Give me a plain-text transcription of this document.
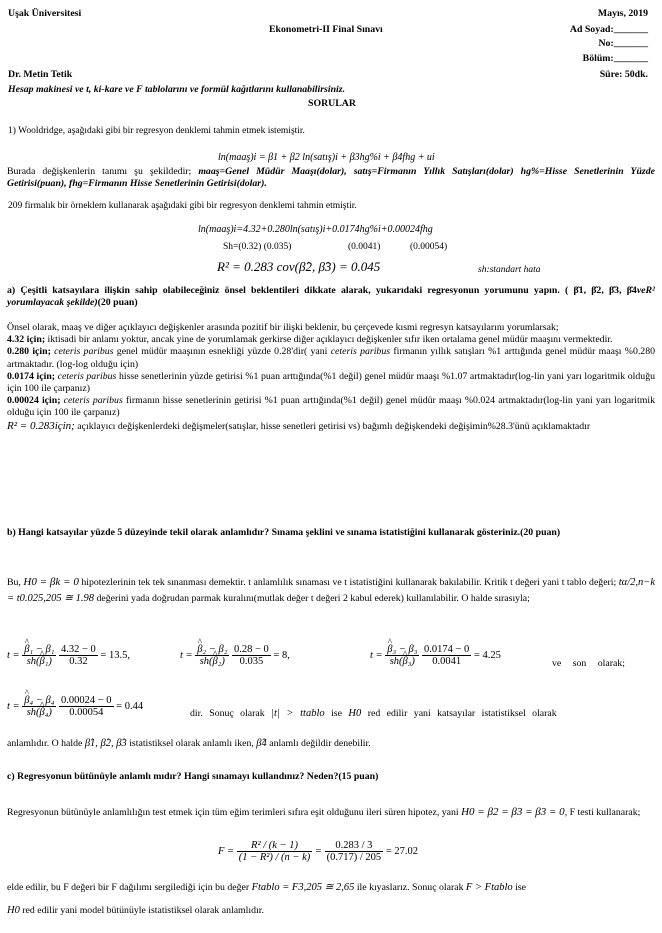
Uşak Üniversitesi	Mayıs, 2019
Ekonometri-II Final Sınavı	Ad Soyad:_______
No:_______
Bölüm:_______
Dr. Metin Tetik	Süre: 50dk.
Hesap makinesi ve t, ki-kare ve F tablolarını ve formül kağıtlarını kullanabilirsiniz.
SORULAR
1) Wooldridge, aşağıdaki gibi bir regresyon denklemi tahmin etmek istemiştir.
ln(maaş)i = β1 + β2 ln(satış)i + β3hg%i + β4fhg + ui

Burada değişkenlerin tanımı şu şekildedir; maaş=Genel Müdür Maaşı(dolar), satış=Firmanın Yıllık Satışları(dolar) hg%=Hisse Senetlerinin Yüzde Getirisi(puan), fhg=Firmanın Hisse Senetlerinin Getirisi(dolar).

209 firmalık bir örneklem kullanarak aşağıdaki gibi bir regresyon denklemi tahmin etmiştir.
ln(maaş)i=4.32+0.280ln(satış)i+0.0174hg%i+0.00024fhg
Sh=(0.32) (0.035)	(0.0041)	(0.00054)
R² = 0.283 cov(β̂2, β̂3) = 0.045	sh:standart hata

a) Çeşitli katsayılara ilişkin sahip olabileceğiniz önsel beklentileri dikkate alarak, yukarıdaki regresyonun yorumunu yapın. ( β̂1, β̂2, β̂3, β̂4veR² yorumlayacak şekilde)(20 puan)

Önsel olarak, maaş ve diğer açıklayıcı değişkenler arasında pozitif bir ilişki beklenir, bu çerçevede kısmi regresyn katsayılarını yorumlarsak;

4.32 için; iktisadi bir anlamı yoktur, ancak yine de yorumlamak gerkirse diğer açıklayıcı değişkenler sıfır iken ortalama genel müdür maaşını vermektedir.

0.280 için; ceteris paribus genel müdür maaşının esnekliği yüzde 0.28'dir( yani ceteris paribus firmanın yıllık satışları %1 arttığında genel müdür maaşı %0.280 artmaktadır. (log-log olduğu için)

0.0174 için; ceteris paribus hisse senetlerinin yüzde getirisi %1 puan arttığında(%1 değil) genel müdür maaşı %1.07 artmaktadır(log-lin yani yarı logaritmik olduğu için 100 ile çarpanız)

0.00024 için; ceteris paribus firmanın hisse senetlerinin getirisi %1 puan arttığında(%1 değil) genel müdür maaşı %0.024 artmaktadır(log-lin yani yarı logaritmik olduğu için 100 ile çarpanız)

R² = 0.283için; açıklayıcı değişkenlerdeki değişmeler(satışlar, hisse senetleri getirisi vs) bağımlı değişkendeki değişimin%28.3'ünü açıklamaktadır

b) Hangi katsayılar yüzde 5 düzeyinde tekil olarak anlamlıdır? Sınama şeklini ve sınama istatistiğini kullanarak gösteriniz.(20 puan)

Bu, H0 = βk = 0 hipotezlerinin tek tek sınanması demektir. t anlamlılık sınaması ve t istatistiğini kullanarak bakılabilir. Kritik t değeri yani t tablo değeri; tα/2,n−k = t0.025,205 ≅ 1.98 değerini yada doğrudan parmak kuralını(mutlak değer t değeri 2 kabul ederek) kullanılabilir. O halde sırasıyla;

t = ^ $\frac{\text{β₁ − β₁}}{\text{sh(\textasciicircum{} β₁)}}$
$\frac{4.32 - 0}{0.32} = 13.5$,	t = ^ $\frac{\text{β₂ − β₂}}{\text{sh(\textasciicircum{} β₂)}}$
$\frac{0.28 - 0}{0.035} = 8$,	t = ^ $\frac{\text{β₃ − β₃}}{\text{sh(\textasciicircum{} β₃)}}$
$\frac{0.0174 - 0}{0.0041} = 4.25$
ve son olarak;
t = ^ $\frac{\text{β₄ − β₄}}{\text{sh(\textasciicircum{} β₄)}}$
$\frac{0.00024 - 0}{0.00054} = 0.44$
dir. Sonuç olarak |t| > ttablo ise H0 red edilir yani katsayılar istatistiksel olarak
anlamlıdır. O halde β̂1, β̂2, β̂3 istatistiksel olarak anlamlı iken, β̂4 anlamlı değildir denebilir.
c) Regresyonun bütünüyle anlamlı mıdır? Hangi sınamayı kullandınız? Neden?(15 puan)

Regresyonun bütünüyle anlamlılığın test etmek için tüm eğim terimleri sıfıra eşit olduğunu ileri süren hipotez, yani H0 = β2 = β3 = β3 = 0, F testi kullanarak;

$F = \frac{\text{R² / (k − 1)}}{\text{(1 − R²) / (n − k)}} = \frac{0.283 / 3}{(0.717) / 205} = 27.02$
elde edilir, bu F değeri bir F dağılımı sergilediği için bu değer Ftablo = F3,205 ≅ 2,65 ile kıyaslarız. Sonuç olarak F > Ftablo ise
H0 red edilir yani model bütünüyle istatistiksel olarak anlamlıdır.
